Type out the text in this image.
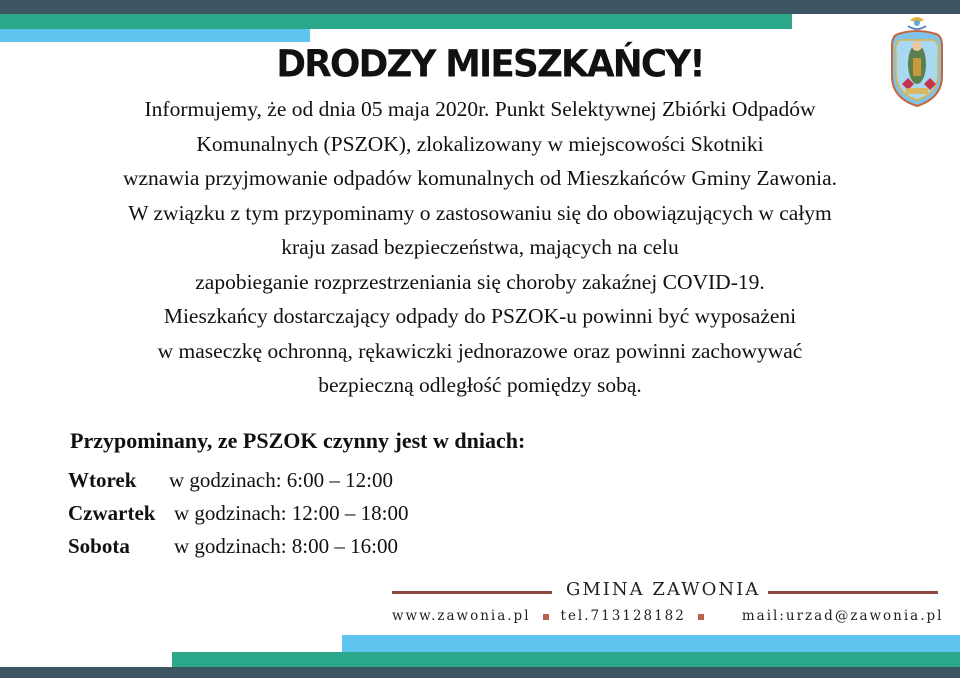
DRODZY MIESZKAŃCY!

Informujemy, że od dnia 05 maja 2020r. Punkt Selektywnej Zbiórki Odpadów
Komunalnych (PSZOK), zlokalizowany w miejscowości Skotniki
wznawia przyjmowanie odpadów komunalnych od Mieszkańców Gminy Zawonia.
W związku z tym przypominamy o zastosowaniu się do obowiązujących w całym
kraju zasad bezpieczeństwa, mających na celu
zapobieganie rozprzestrzeniania się choroby zakaźnej COVID-19.
Mieszkańcy dostarczający odpady do PSZOK-u powinni być wyposażeni
w maseczkę ochronną, rękawiczki jednorazowe oraz powinni zachowywać
bezpieczną odległość pomiędzy sobą.

Przypominany, ze PSZOK czynny jest w dniach:

Wtorek w godzinach: 6:00 – 12:00
Czwartek w godzinach: 12:00 – 18:00
Sobota w godzinach: 8:00 – 16:00
GMINA ZAWONIA
www.zawonia.pl tel.713128182	mail:urzad@zawonia.pl
